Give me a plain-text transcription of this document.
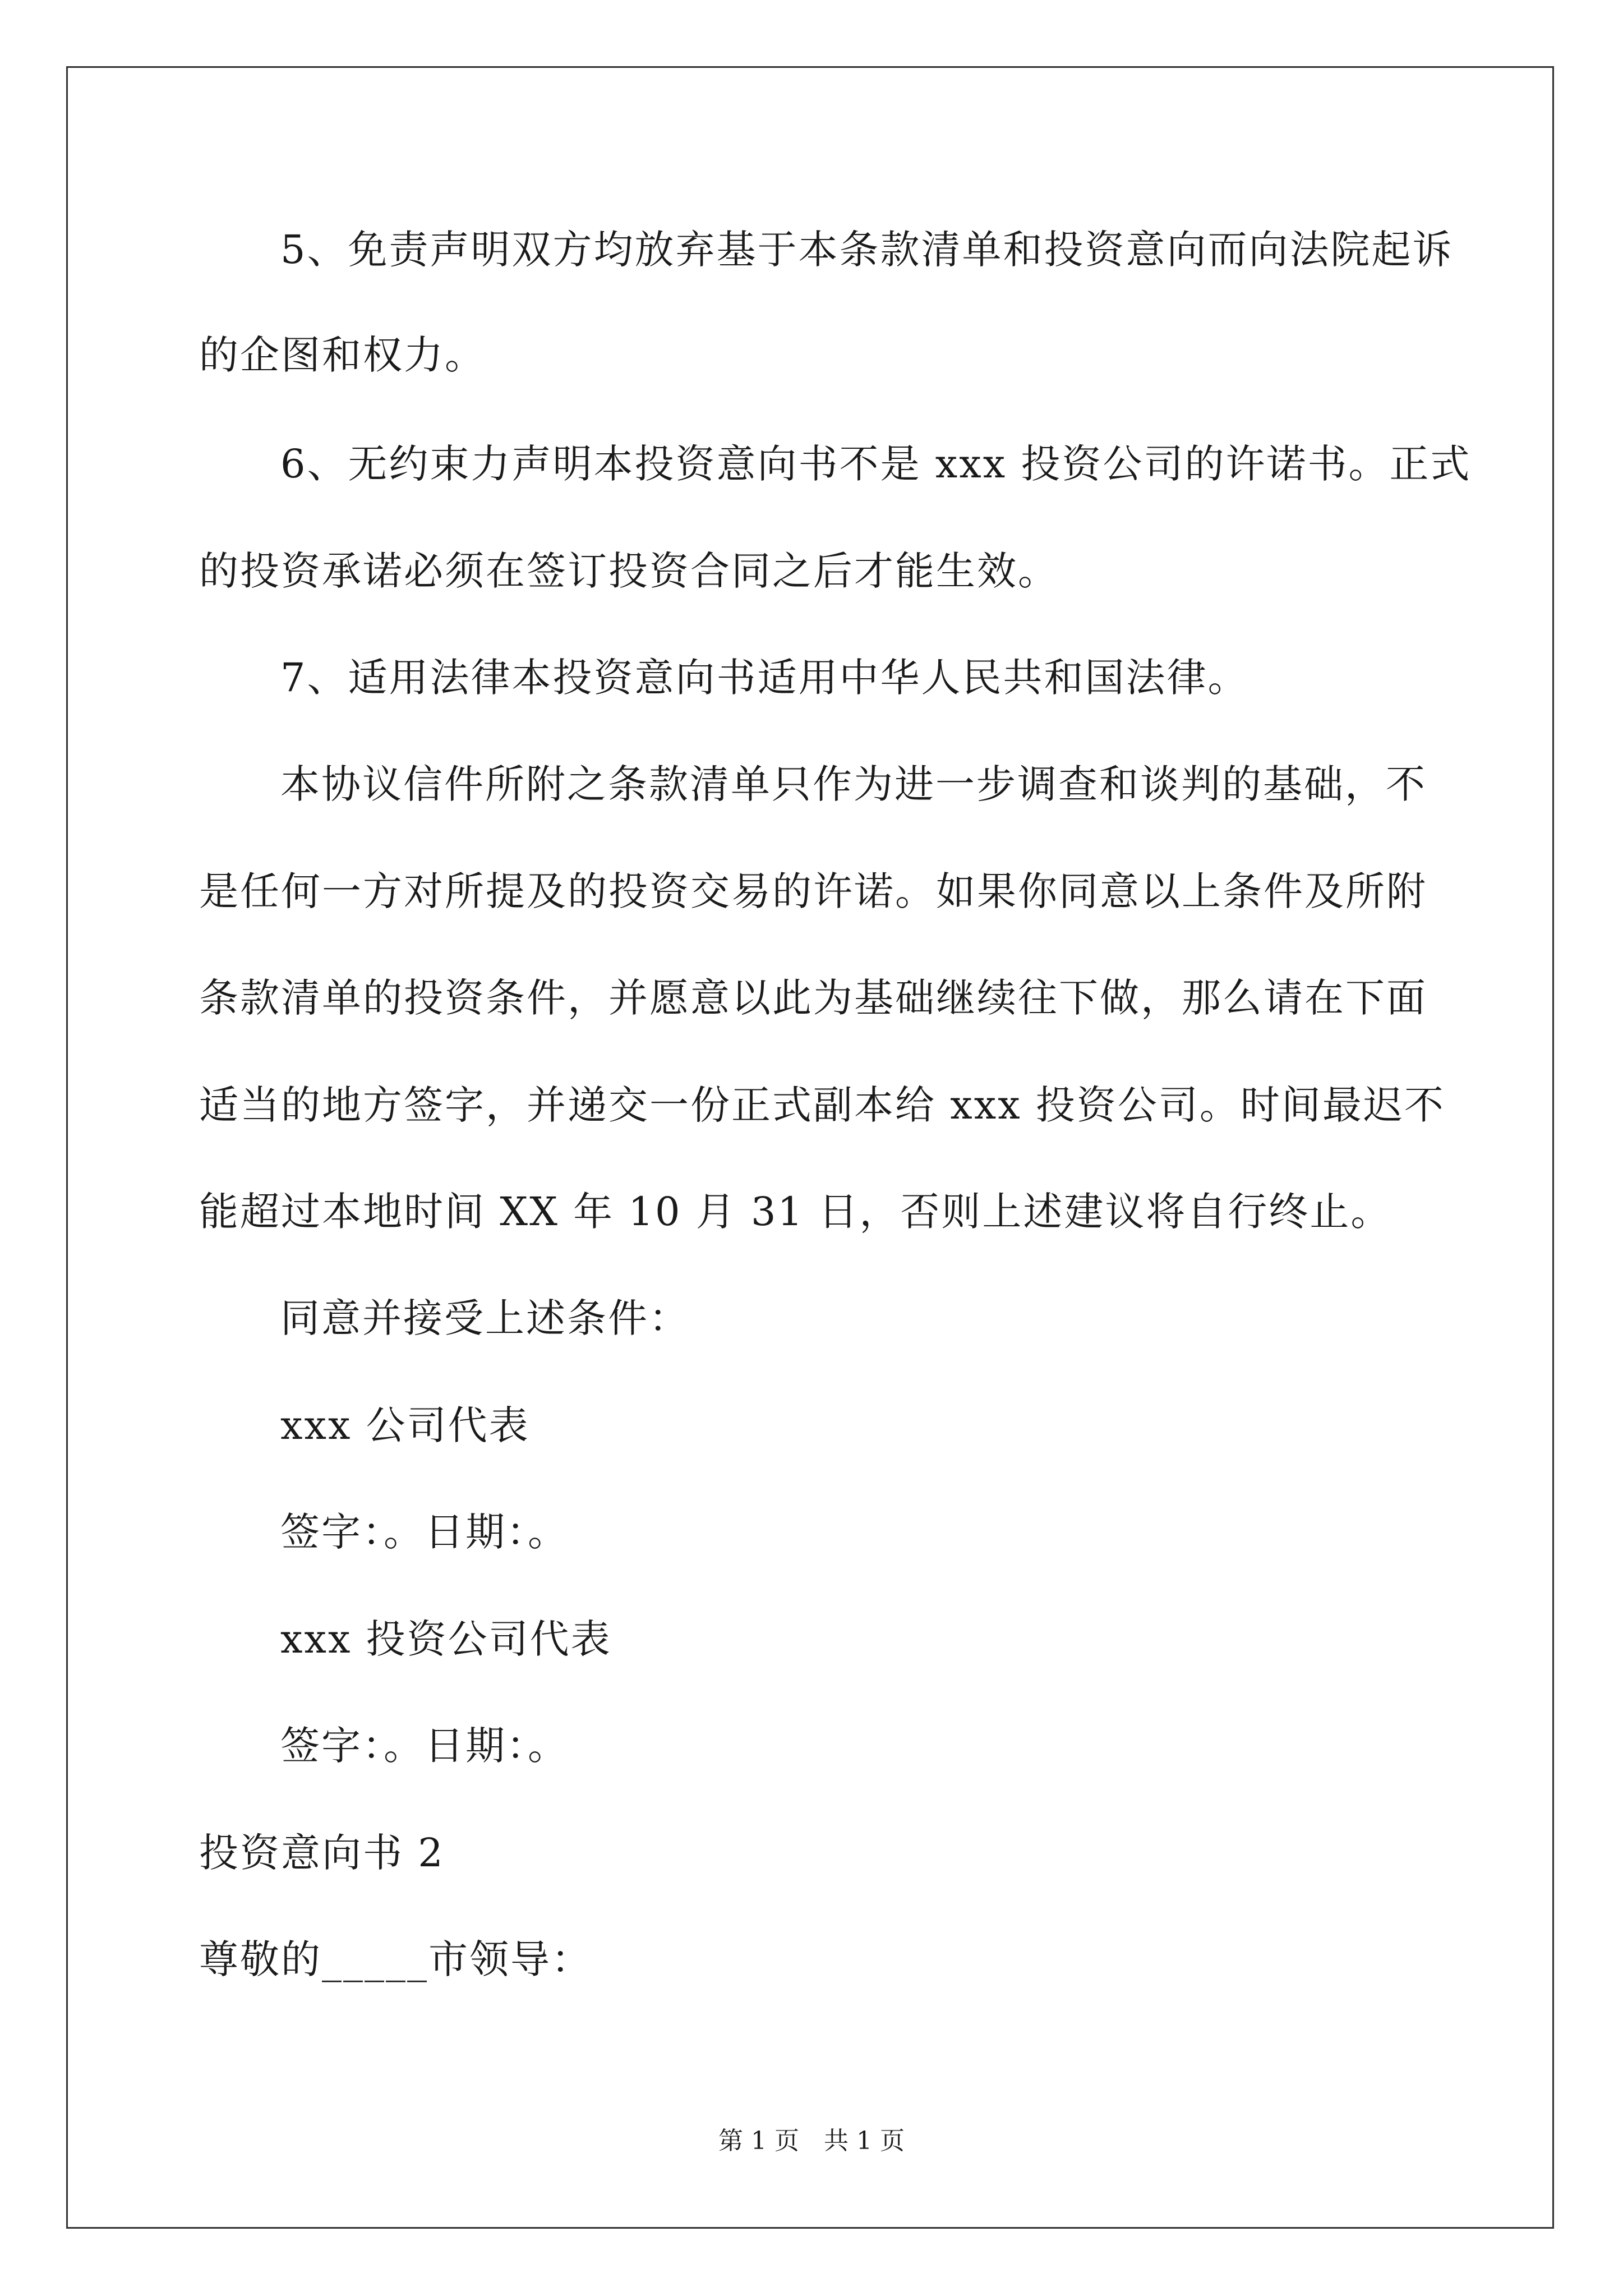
5、免责声明双方均放弃基于本条款清单和投资意向而向法院起诉
的企图和权力。
6、无约束力声明本投资意向书不是 xxx 投资公司的许诺书。正式
的投资承诺必须在签订投资合同之后才能生效。
7、适用法律本投资意向书适用中华人民共和国法律。
本协议信件所附之条款清单只作为进一步调查和谈判的基础，不
是任何一方对所提及的投资交易的许诺。如果你同意以上条件及所附
条款清单的投资条件，并愿意以此为基础继续往下做，那么请在下面
适当的地方签字，并递交一份正式副本给 xxx 投资公司。时间最迟不
能超过本地时间 XX 年 10 月 31 日，否则上述建议将自行终止。
同意并接受上述条件：
xxx 公司代表
签字：。日期：。
xxx 投资公司代表
签字：。日期：。
投资意向书 2
尊敬的_____市领导：
第 1 页　共 1 页
